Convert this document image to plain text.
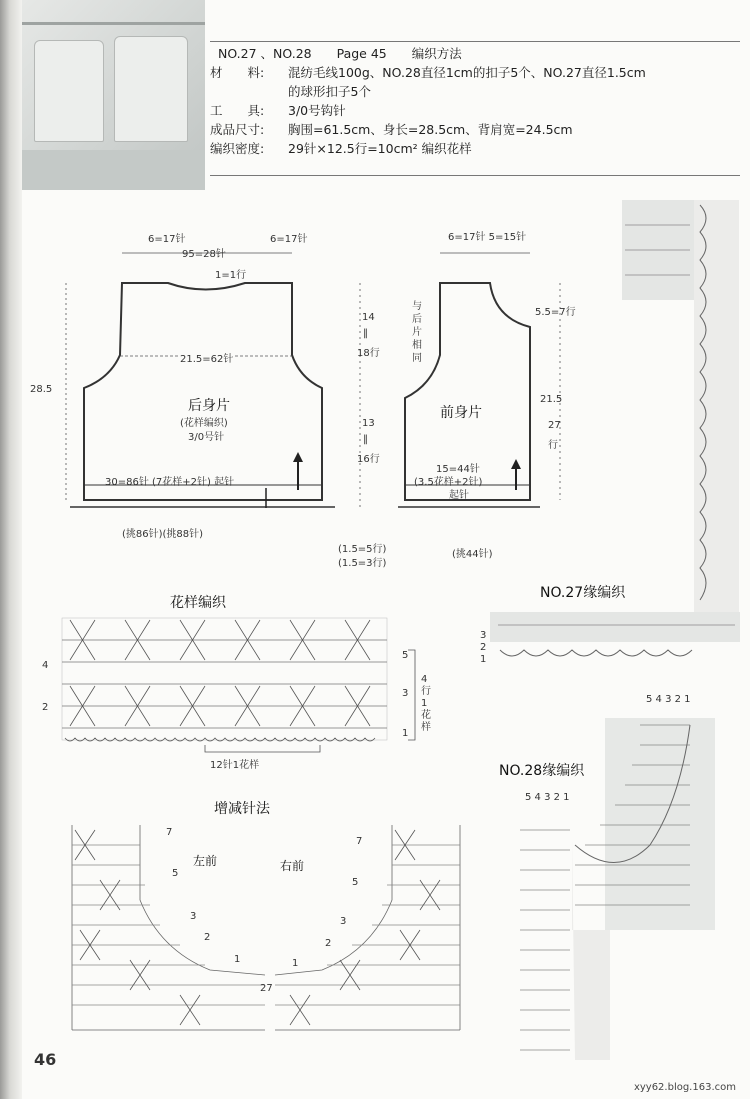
NO.27 、NO.28　　Page 45　　编织方法
材　　料:	混纺毛线100g、NO.28直径1cm的扣子5个、NO.27直径1.5cm
的球形扣子5个
工　　具:	3/0号钩针
成品尺寸:	胸围=61.5cm、身长=28.5cm、背肩宽=24.5cm
编织密度:	29针×12.5行=10cm² 编织花样
6=17针
95=28针
6=17针
1=1行
28.5
21.5=62针
后身片
(花样编织)
3/0号针
30=86针 (7花样+2针) 起针
(挑86针)(挑88针)
14
‖
18行
13
‖
16行
(1.5=5行)
(1.5=3行)
6=17针 5=15针
5.5=7行
与
后
片
相
同
前身片
21.5
27
行
15=44针
(3.5花样+2针)
起针
(挑44针)
花样编织
12针1花样
4
行
1
花
样
5
4
3
2
1
增减针法
左前	右前
7
5
3
2
1
27
7
5
3
2
1
NO.27缘编织
3
2
1
NO.28缘编织
5 4 3 2 1
5 4 3 2 1
46
xyy62.blog.163.com
